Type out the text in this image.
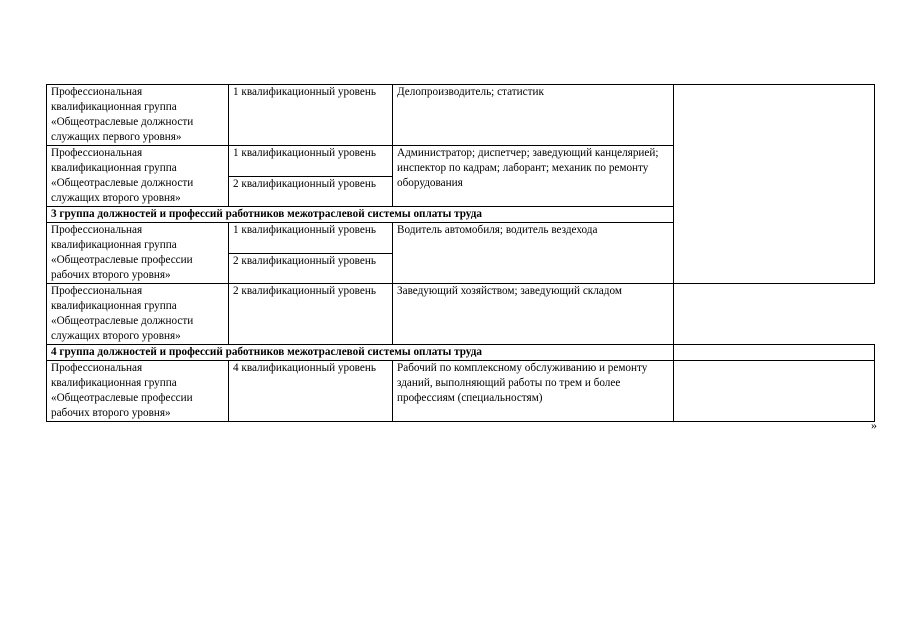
Профессиональная квалификационная группа «Общеотраслевые должности служащих первого уровня»	1 квалификационный уровень	Делопроизводитель; статистик	
Профессиональная квалификационная группа «Общеотраслевые должности служащих второго уровня»	1 квалификационный уровень	Администратор; диспетчер; заведующий канцелярией; инспектор по кадрам; лаборант; механик по ремонту оборудования	
	2 квалификационный уровень		
3 группа должностей и профессий работников межотраслевой системы оплаты труда			
Профессиональная квалификационная группа «Общеотраслевые профессии рабочих второго уровня»	1 квалификационный уровень	Водитель автомобиля; водитель вездехода	
	2 квалификационный уровень		
Профессиональная квалификационная группа «Общеотраслевые должности служащих второго уровня»	2 квалификационный уровень	Заведующий хозяйством; заведующий складом	
4 группа должностей и профессий работников межотраслевой системы оплаты труда			
Профессиональная квалификационная группа «Общеотраслевые профессии рабочих второго уровня»	4 квалификационный уровень	Рабочий по комплексному обслуживанию и ремонту зданий, выполняющий работы по трем и более профессиям (специальностям)	
»
